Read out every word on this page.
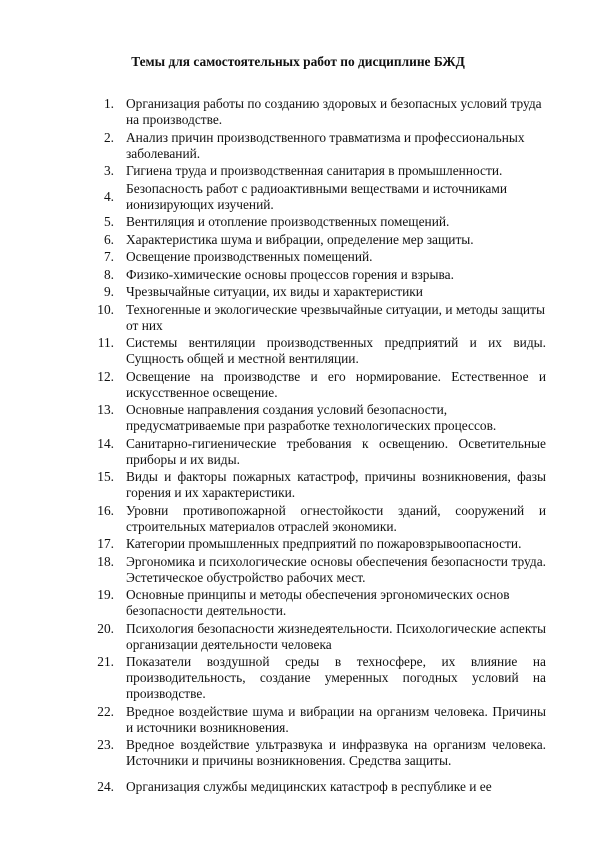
Темы для самостоятельных работ по дисциплине БЖД
1. Организация работы по созданию здоровых и безопасных условий труда на производстве.
2. Анализ причин производственного травматизма и профессиональных заболеваний.
3. Гигиена труда и производственная санитария в промышленности.
4.
Безопасность работ с радиоактивными веществами и источниками ионизирующих изучений.
5. Вентиляция и отопление производственных помещений.
6. Характеристика шума и вибрации, определение мер защиты.
7. Освещение производственных помещений.
8. Физико-химические основы процессов горения и взрыва.
9. Чрезвычайные ситуации, их виды и характеристики
10. Техногенные и экологические чрезвычайные ситуации, и методы защиты от них
11. Системы вентиляции производственных предприятий и их виды. Сущность общей и местной вентиляции.
12. Освещение на производстве и его нормирование. Естественное и искусственное освещение.
13. Основные направления создания условий безопасности, предусматриваемые при разработке технологических процессов.
14. Санитарно-гигиенические требования к освещению. Осветительные приборы и их виды.
15. Виды и факторы пожарных катастроф, причины возникновения, фазы горения и их характеристики.
16. Уровни противопожарной огнестойкости зданий, сооружений и строительных материалов отраслей экономики.
17. Категории промышленных предприятий по пожаровзрывоопасности.
18. Эргономика и психологические основы обеспечения безопасности труда. Эстетическое обустройство рабочих мест.
19. Основные принципы и методы обеспечения эргономических основ безопасности деятельности.
20. Психология безопасности жизнедеятельности. Психологические аспекты организации деятельности человека
21. Показатели воздушной среды в техносфере, их влияние на производительность, создание умеренных погодных условий на производстве.
22. Вредное воздействие шума и вибрации на организм человека. Причины и источники возникновения.
23. Вредное воздействие ультразвука и инфразвука на организм человека. Источники и причины возникновения. Средства защиты.
24. Организация службы медицинских катастроф в республике и ее
